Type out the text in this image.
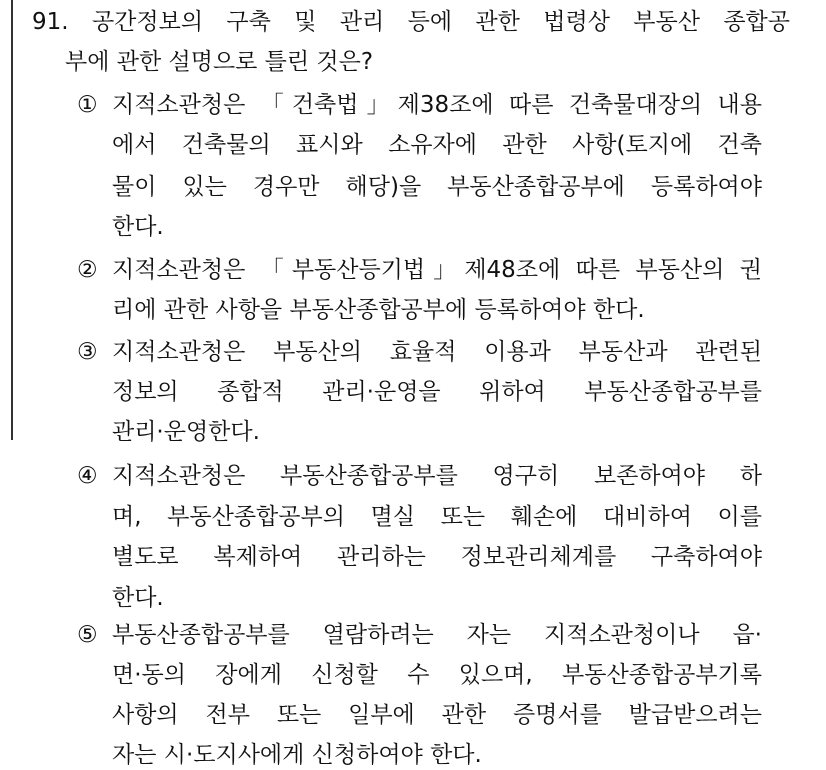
91. 공간정보의 구축 및 관리 등에 관한 법령상 부동산 종합공
부에 관한 설명으로 틀린 것은?
① 지적소관청은 「건축법」제38조에 따른 건축물대장의 내용
에서 건축물의 표시와 소유자에 관한 사항(토지에 건축
물이 있는 경우만 해당)을 부동산종합공부에 등록하여야
한다.
② 지적소관청은 「부동산등기법」제48조에 따른 부동산의 권
리에 관한 사항을 부동산종합공부에 등록하여야 한다.
③ 지적소관청은 부동산의 효율적 이용과 부동산과 관련된
정보의 종합적 관리·운영을 위하여 부동산종합공부를
관리·운영한다.
④ 지적소관청은 부동산종합공부를 영구히 보존하여야 하
며, 부동산종합공부의 멸실 또는 훼손에 대비하여 이를
별도로 복제하여 관리하는 정보관리체계를 구축하여야
한다.
⑤ 부동산종합공부를 열람하려는 자는 지적소관청이나 읍·
면·동의 장에게 신청할 수 있으며, 부동산종합공부기록
사항의 전부 또는 일부에 관한 증명서를 발급받으려는
자는 시·도지사에게 신청하여야 한다.
